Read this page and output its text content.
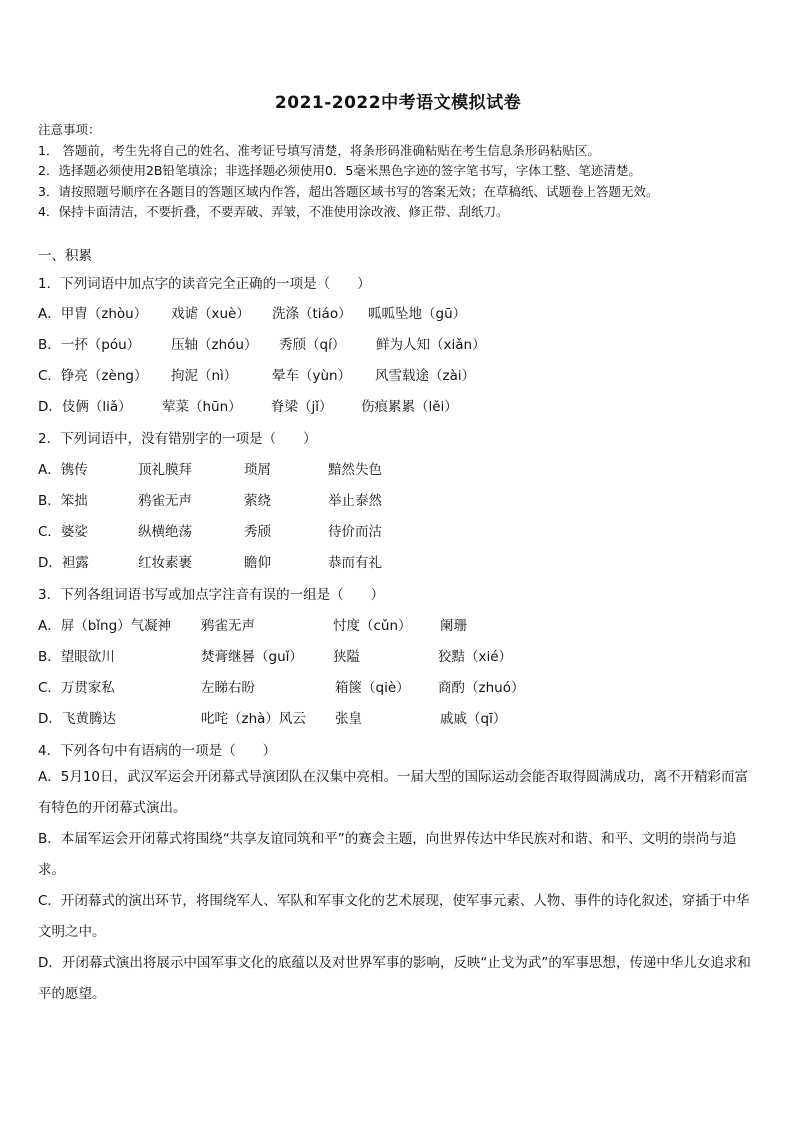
2021-2022中考语文模拟试卷
注意事项：
1． 答题前，考生先将自己的姓名、准考证号填写清楚，将条形码准确粘贴在考生信息条形码粘贴区。
2．选择题必须使用2B铅笔填涂；非选择题必须使用0．5毫米黑色字迹的签字笔书写，字体工整、笔迹清楚。
3．请按照题号顺序在各题目的答题区域内作答，超出答题区域书写的答案无效；在草稿纸、试题卷上答题无效。
4．保持卡面清洁，不要折叠，不要弄破、弄皱，不准使用涂改液、修正带、刮纸刀。
一、积累
1．下列词语中加点字的读音完全正确的一项是（　　）
A．甲胄（zhòu） 戏谑（xuè） 洗涤（tiáo） 呱呱坠地（gū）
B．一抔（póu） 压轴（zhóu） 秀颀（qí） 鲜为人知（xiǎn）
C．铮亮（zèng） 拘泥（nì）	晕车（yùn） 风雪载途（zài）
D．伎俩（liǎ） 荤菜（hūn） 脊梁（jǐ） 伤痕累累（lěi）
2．下列词语中，没有错别字的一项是（　　）
A．镌传	顶礼膜拜	琐屑	黯然失色
B．笨拙	鸦雀无声	萦绕	举止泰然
C．婆娑	纵横绝荡	秀颀	待价而沽
D．袒露	红妆素裹	瞻仰	恭而有礼
3．下列各组词语书写或加点字注音有误的一组是（　　）
A．屏（bǐng）气凝神 鸦雀无声	忖度（cǔn） 阑珊
B．望眼欲川	焚膏继晷（guǐ） 狭隘	狡黠（xié）
C．万贯家私	左睇右盼	箱箧（qiè） 商酌（zhuó）
D．飞黄腾达	叱咤（zhà）风云 张皇	戚戚（qī）
4．下列各句中有语病的一项是（　　）
A．5月10日，武汉军运会开闭幕式导演团队在汉集中亮相。一届大型的国际运动会能否取得圆满成功，离不开精彩而富有特色的开闭幕式演出。
B．本届军运会开闭幕式将围绕“共享友谊同筑和平”的赛会主题，向世界传达中华民族对和谐、和平、文明的崇尚与追求。
C．开闭幕式的演出环节，将围绕军人、军队和军事文化的艺术展现，使军事元素、人物、事件的诗化叙述，穿插于中华文明之中。
D．开闭幕式演出将展示中国军事文化的底蕴以及对世界军事的影响，反映“止戈为武”的军事思想，传递中华儿女追求和平的愿望。
